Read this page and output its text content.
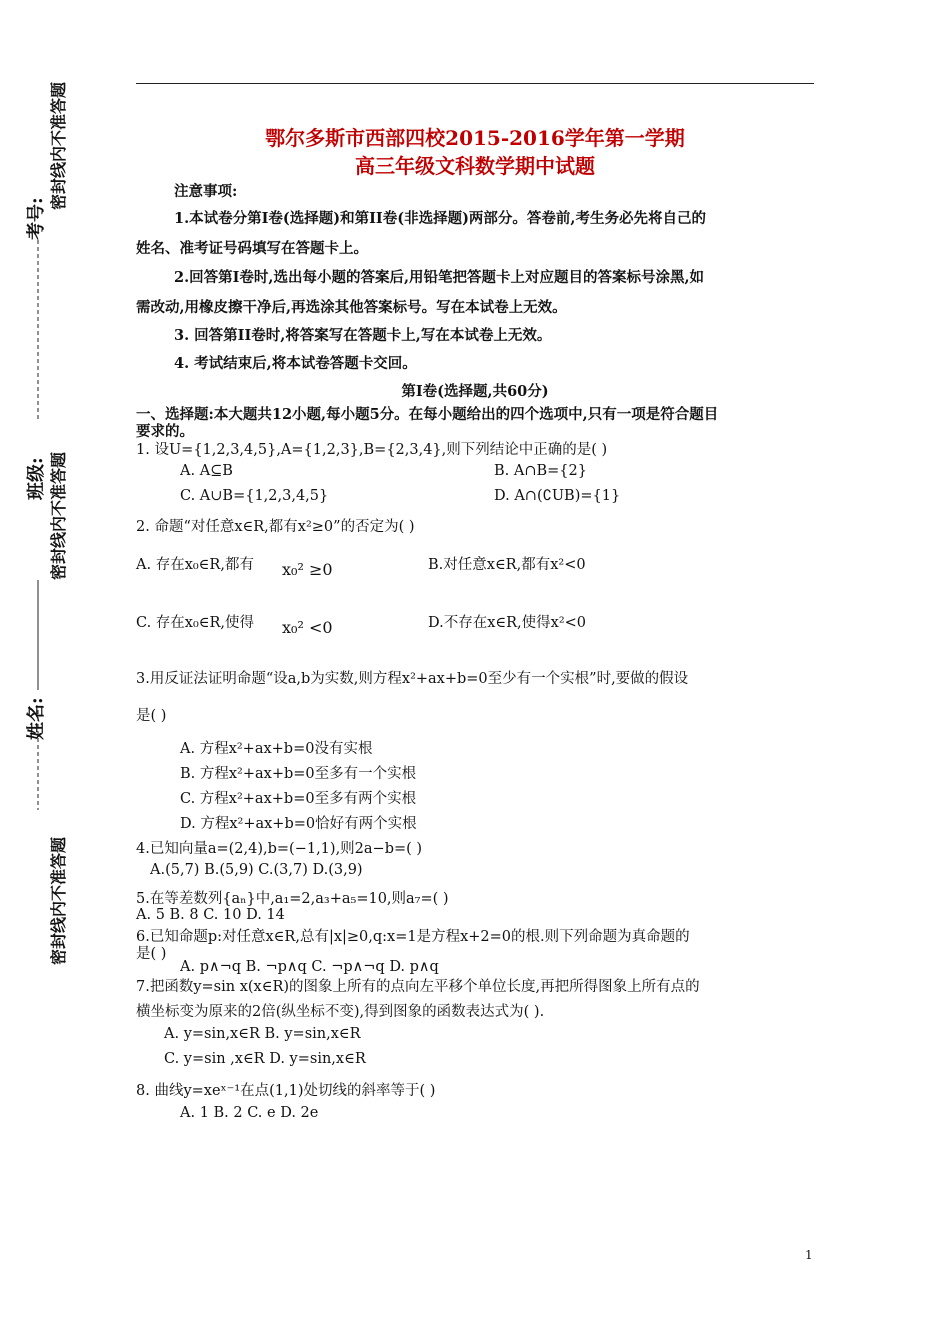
考号:
密封线内不准答题
班级: 密封线内不准答题
姓名:
密封线内不准答题
鄂尔多斯市西部四校2015-2016学年第一学期
高三年级文科数学期中试题
注意事项:
1.本试卷分第Ⅰ卷(选择题)和第II卷(非选择题)两部分。答卷前,考生务必先将自己的
姓名、准考证号码填写在答题卡上。
2.回答第Ⅰ卷时,选出每小题的答案后,用铅笔把答题卡上对应题目的答案标号涂黑,如
需改动,用橡皮擦干净后,再选涂其他答案标号。写在本试卷上无效。
3. 回答第II卷时,将答案写在答题卡上,写在本试卷上无效。
4. 考试结束后,将本试卷答题卡交回。
第Ⅰ卷(选择题,共60分)
一、选择题:本大题共12小题,每小题5分。在每小题给出的四个选项中,只有一项是符合题目
要求的。
1. 设U={1,2,3,4,5},A={1,2,3},B={2,3,4},则下列结论中正确的是( )
A. A⊆B	B. A∩B={2}
C. A∪B={1,2,3,4,5}	D. A∩(∁UB)={1}
2. 命题“对任意x∈R,都有x²≥0”的否定为( )
A. 存在x₀∈R,都有 x₀² ≥0	B.对任意x∈R,都有x²<0
C. 存在x₀∈R,使得 x₀² <0	D.不存在x∈R,使得x²<0
3.用反证法证明命题“设a,b为实数,则方程x²+ax+b=0至少有一个实根”时,要做的假设
是( )
A. 方程x²+ax+b=0没有实根
B. 方程x²+ax+b=0至多有一个实根
C. 方程x²+ax+b=0至多有两个实根
D. 方程x²+ax+b=0恰好有两个实根
4.已知向量a=(2,4),b=(−1,1),则2a−b=( )
A.(5,7) B.(5,9) C.(3,7) D.(3,9)
5.在等差数列{aₙ}中,a₁=2,a₃+a₅=10,则a₇=( )
A. 5 B. 8 C. 10 D. 14
6.已知命题p:对任意x∈R,总有|x|≥0,q:x=1是方程x+2=0的根.则下列命题为真命题的
是( )
A. p∧¬q B. ¬p∧q C. ¬p∧¬q D. p∧q
7.把函数y=sin x(x∈R)的图象上所有的点向左平移个单位长度,再把所得图象上所有点的
横坐标变为原来的2倍(纵坐标不变),得到图象的函数表达式为( ).
A. y=sin,x∈R B. y=sin,x∈R
C. y=sin ,x∈R D. y=sin,x∈R
8. 曲线y=xeˣ⁻¹在点(1,1)处切线的斜率等于( )
A. 1 B. 2 C. e D. 2e
1
